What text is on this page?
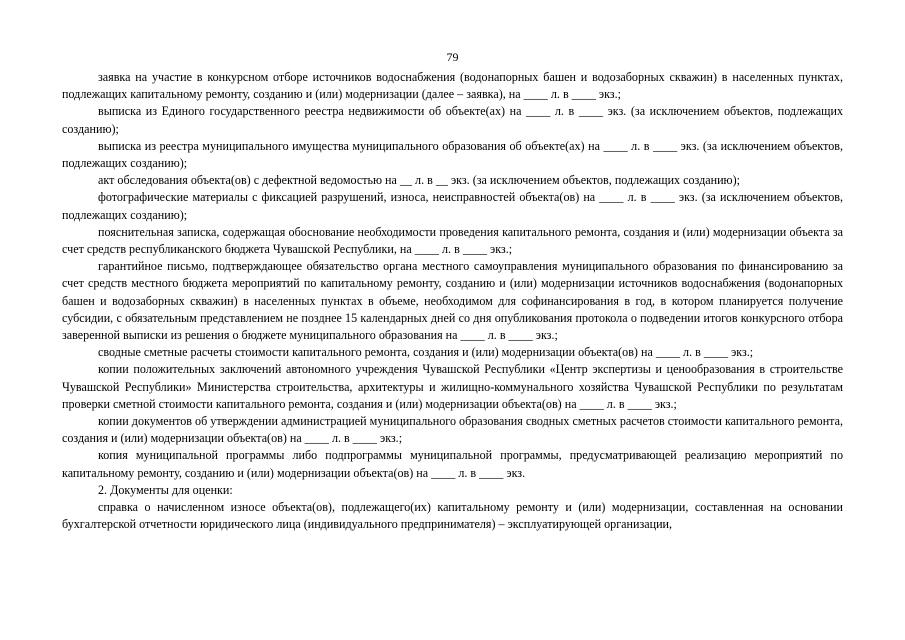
79

заявка на участие в конкурсном отборе источников водоснабжения (водонапорных башен и водозаборных скважин) в населенных пунктах, подлежащих капитальному ремонту, созданию и (или) модернизации (далее – заявка), на ____ л. в ____ экз.;

выписка из Единого государственного реестра недвижимости об объекте(ах) на ____ л. в ____ экз. (за исключением объектов, подлежащих созданию);

выписка из реестра муниципального имущества муниципального образования об объекте(ах) на ____ л. в ____ экз. (за исключением объектов, подлежащих созданию);

акт обследования объекта(ов) с дефектной ведомостью на __ л. в __ экз. (за исключением объектов, подлежащих созданию);

фотографические материалы с фиксацией разрушений, износа, неисправностей объекта(ов) на ____ л. в ____ экз. (за исключением объектов, подлежащих созданию);

пояснительная записка, содержащая обоснование необходимости проведения капитального ремонта, создания и (или) модернизации объекта за счет средств республиканского бюджета Чувашской Республики, на ____ л. в ____ экз.;

гарантийное письмо, подтверждающее обязательство органа местного самоуправления муниципального образования по финансированию за счет средств местного бюджета мероприятий по капитальному ремонту, созданию и (или) модернизации источников водоснабжения (водонапорных башен и водозаборных скважин) в населенных пунктах в объеме, необходимом для софинансирования в год, в котором планируется получение субсидии, с обязательным представлением не позднее 15 календарных дней со дня опубликования протокола о подведении итогов конкурсного отбора заверенной выписки из решения о бюджете муниципального образования на ____ л. в ____ экз.;

сводные сметные расчеты стоимости капитального ремонта, создания и (или) модернизации объекта(ов) на ____ л. в ____ экз.;

копии положительных заключений автономного учреждения Чувашской Республики «Центр экспертизы и ценообразования в строительстве Чувашской Республики» Министерства строительства, архитектуры и жилищно-коммунального хозяйства Чувашской Республики по результатам проверки сметной стоимости капитального ремонта, создания и (или) модернизации объекта(ов) на ____ л. в ____ экз.;

копии документов об утверждении администрацией муниципального образования сводных сметных расчетов стоимости капитального ремонта, создания и (или) модернизации объекта(ов) на ____ л. в ____ экз.;

копия муниципальной программы либо подпрограммы муниципальной программы, предусматривающей реализацию мероприятий по капитальному ремонту, созданию и (или) модернизации объекта(ов) на ____ л. в ____ экз.

2. Документы для оценки:

справка о начисленном износе объекта(ов), подлежащего(их) капитальному ремонту и (или) модернизации, составленная на основании бухгалтерской отчетности юридического лица (индивидуального предпринимателя) – эксплуатирующей организации,
